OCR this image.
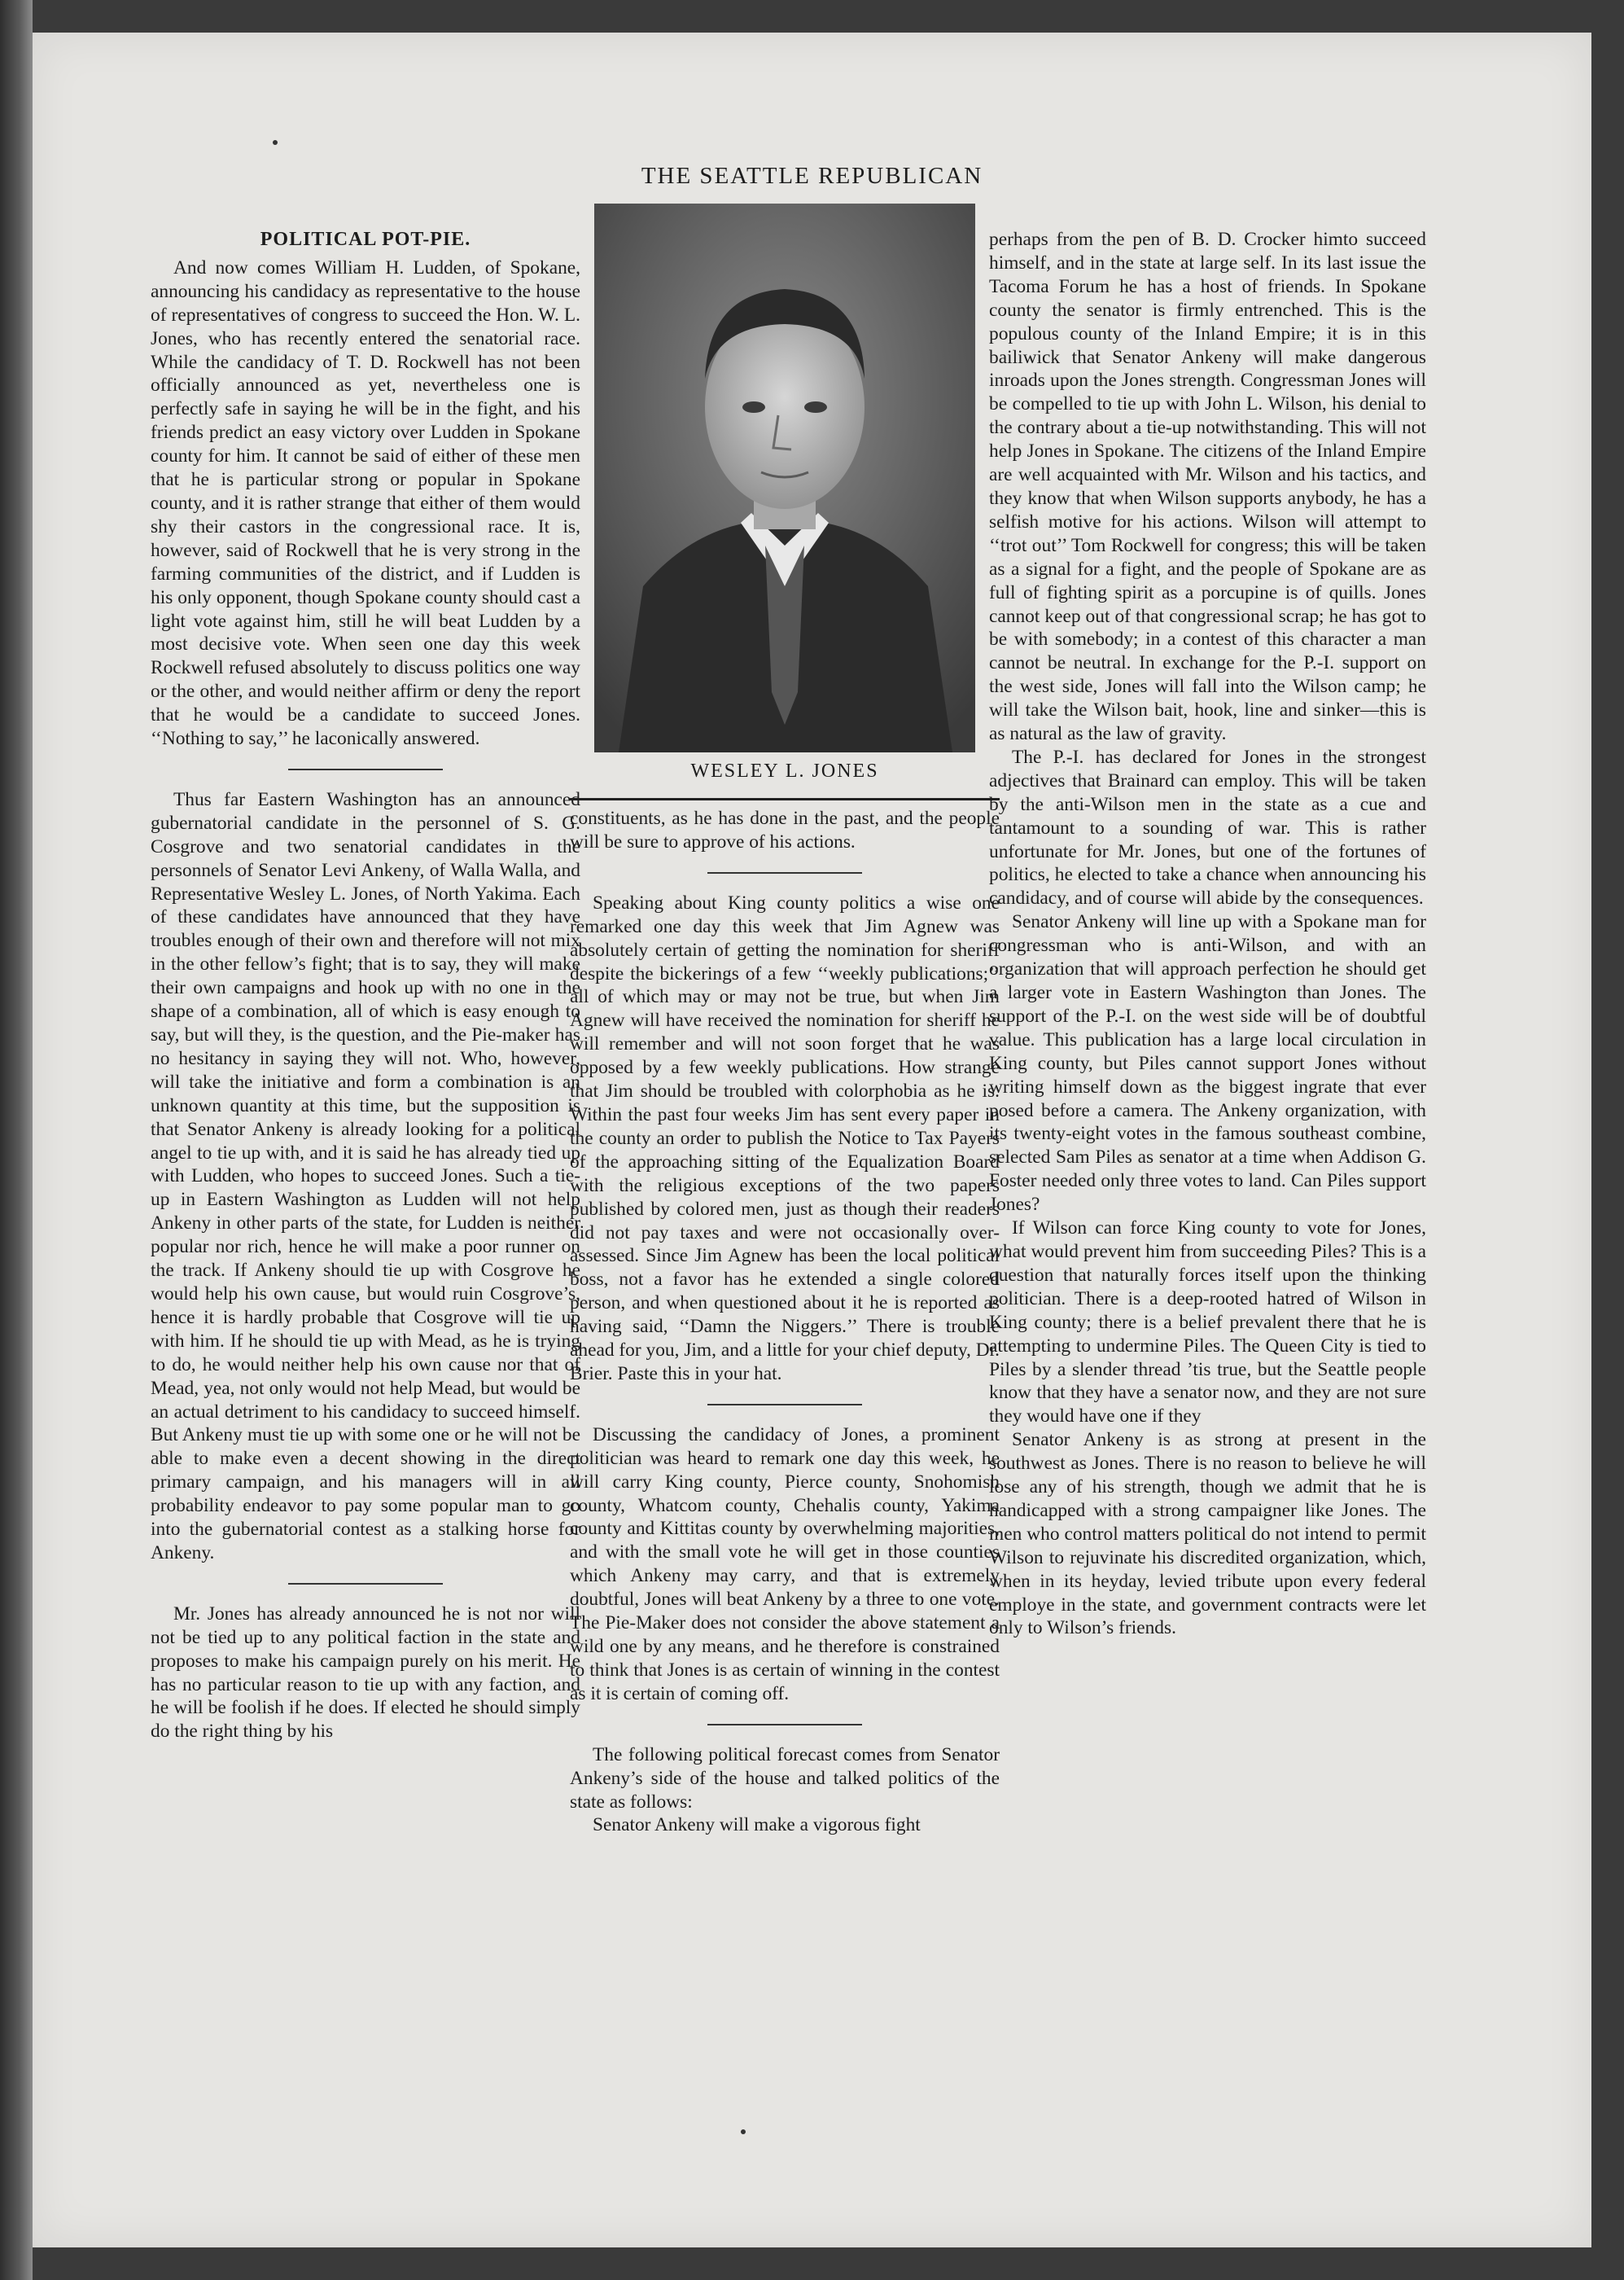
THE SEATTLE REPUBLICAN
POLITICAL POT-PIE.

And now comes William H. Ludden, of Spokane, announcing his candidacy as representative to the house of representatives of congress to succeed the Hon. W. L. Jones, who has recently entered the senatorial race. While the candidacy of T. D. Rockwell has not been officially announced as yet, nevertheless one is perfectly safe in saying he will be in the fight, and his friends predict an easy victory over Ludden in Spokane county for him. It cannot be said of either of these men that he is particular strong or popular in Spokane county, and it is rather strange that either of them would shy their castors in the congressional race. It is, however, said of Rockwell that he is very strong in the farming communities of the district, and if Ludden is his only opponent, though Spokane county should cast a light vote against him, still he will beat Ludden by a most decisive vote. When seen one day this week Rockwell refused absolutely to discuss politics one way or the other, and would neither affirm or deny the report that he would be a candidate to succeed Jones. ‘‘Nothing to say,’’ he laconically answered.

Thus far Eastern Washington has an announced gubernatorial candidate in the personnel of S. G. Cosgrove and two senatorial candidates in the personnels of Senator Levi Ankeny, of Walla Walla, and Representative Wesley L. Jones, of North Yakima. Each of these candidates have announced that they have troubles enough of their own and therefore will not mix in the other fellow’s fight; that is to say, they will make their own campaigns and hook up with no one in the shape of a combination, all of which is easy enough to say, but will they, is the question, and the Pie-maker has no hesitancy in saying they will not. Who, however, will take the initiative and form a combination is an unknown quantity at this time, but the supposition is that Senator Ankeny is already looking for a political angel to tie up with, and it is said he has already tied up with Ludden, who hopes to succeed Jones. Such a tie-up in Eastern Washington as Ludden will not help Ankeny in other parts of the state, for Ludden is neither popular nor rich, hence he will make a poor runner on the track. If Ankeny should tie up with Cosgrove he would help his own cause, but would ruin Cosgrove’s, hence it is hardly probable that Cosgrove will tie up with him. If he should tie up with Mead, as he is trying to do, he would neither help his own cause nor that of Mead, yea, not only would not help Mead, but would be an actual detriment to his candidacy to succeed himself. But Ankeny must tie up with some one or he will not be able to make even a decent showing in the direct primary campaign, and his managers will in all probability endeavor to pay some popular man to go into the gubernatorial contest as a stalking horse for Ankeny.

Mr. Jones has already announced he is not nor will not be tied up to any political faction in the state and proposes to make his campaign purely on his merit. He has no particular reason to tie up with any faction, and he will be foolish if he does. If elected he should simply do the right thing by his

WESLEY L. JONES

constituents, as he has done in the past, and the people will be sure to approve of his actions.

Speaking about King county politics a wise one remarked one day this week that Jim Agnew was absolutely certain of getting the nomination for sheriff despite the bickerings of a few ‘‘weekly publications;’’ all of which may or may not be true, but when Jim Agnew will have received the nomination for sheriff he will remember and will not soon forget that he was opposed by a few weekly publications. How strange that Jim should be troubled with colorphobia as he is. Within the past four weeks Jim has sent every paper in the county an order to publish the Notice to Tax Payers of the approaching sitting of the Equalization Board with the religious exceptions of the two papers published by colored men, just as though their readers did not pay taxes and were not occasionally over-assessed. Since Jim Agnew has been the local political boss, not a favor has he extended a single colored person, and when questioned about it he is reported as having said, ‘‘Damn the Niggers.’’ There is trouble ahead for you, Jim, and a little for your chief deputy, Dr. Brier. Paste this in your hat.

Discussing the candidacy of Jones, a prominent politician was heard to remark one day this week, he will carry King county, Pierce county, Snohomish county, Whatcom county, Chehalis county, Yakima county and Kittitas county by overwhelming majorities, and with the small vote he will get in those counties which Ankeny may carry, and that is extremely doubtful, Jones will beat Ankeny by a three to one vote. The Pie-Maker does not consider the above statement a wild one by any means, and he therefore is constrained to think that Jones is as certain of winning in the contest as it is certain of coming off.

The following political forecast comes from Senator Ankeny’s side of the house and talked politics of the state as follows:

Senator Ankeny will make a vigorous fight

perhaps from the pen of B. D. Crocker himto succeed himself, and in the state at large self. In its last issue the Tacoma Forum he has a host of friends. In Spokane county the senator is firmly entrenched. This is the populous county of the Inland Empire; it is in this bailiwick that Senator Ankeny will make dangerous inroads upon the Jones strength. Congressman Jones will be compelled to tie up with John L. Wilson, his denial to the contrary about a tie-up notwithstanding. This will not help Jones in Spokane. The citizens of the Inland Empire are well acquainted with Mr. Wilson and his tactics, and they know that when Wilson supports anybody, he has a selfish motive for his actions. Wilson will attempt to ‘‘trot out’’ Tom Rockwell for congress; this will be taken as a signal for a fight, and the people of Spokane are as full of fighting spirit as a porcupine is of quills. Jones cannot keep out of that congressional scrap; he has got to be with somebody; in a contest of this character a man cannot be neutral. In exchange for the P.-I. support on the west side, Jones will fall into the Wilson camp; he will take the Wilson bait, hook, line and sinker—this is as natural as the law of gravity.

The P.-I. has declared for Jones in the strongest adjectives that Brainard can employ. This will be taken by the anti-Wilson men in the state as a cue and tantamount to a sounding of war. This is rather unfortunate for Mr. Jones, but one of the fortunes of politics, he elected to take a chance when announcing his candidacy, and of course will abide by the consequences.

Senator Ankeny will line up with a Spokane man for congressman who is anti-Wilson, and with an organization that will approach perfection he should get a larger vote in Eastern Washington than Jones. The support of the P.-I. on the west side will be of doubtful value. This publication has a large local circulation in King county, but Piles cannot support Jones without writing himself down as the biggest ingrate that ever posed before a camera. The Ankeny organization, with its twenty-eight votes in the famous southeast combine, selected Sam Piles as senator at a time when Addison G. Foster needed only three votes to land. Can Piles support Jones?

If Wilson can force King county to vote for Jones, what would prevent him from succeeding Piles? This is a question that naturally forces itself upon the thinking politician. There is a deep-rooted hatred of Wilson in King county; there is a belief prevalent there that he is attempting to undermine Piles. The Queen City is tied to Piles by a slender thread ’tis true, but the Seattle people know that they have a senator now, and they are not sure they would have one if they

Senator Ankeny is as strong at present in the southwest as Jones. There is no reason to believe he will lose any of his strength, though we admit that he is handicapped with a strong campaigner like Jones. The men who control matters political do not intend to permit Wilson to rejuvinate his discredited organization, which, when in its heyday, levied tribute upon every federal employe in the state, and government contracts were let only to Wilson’s friends.
